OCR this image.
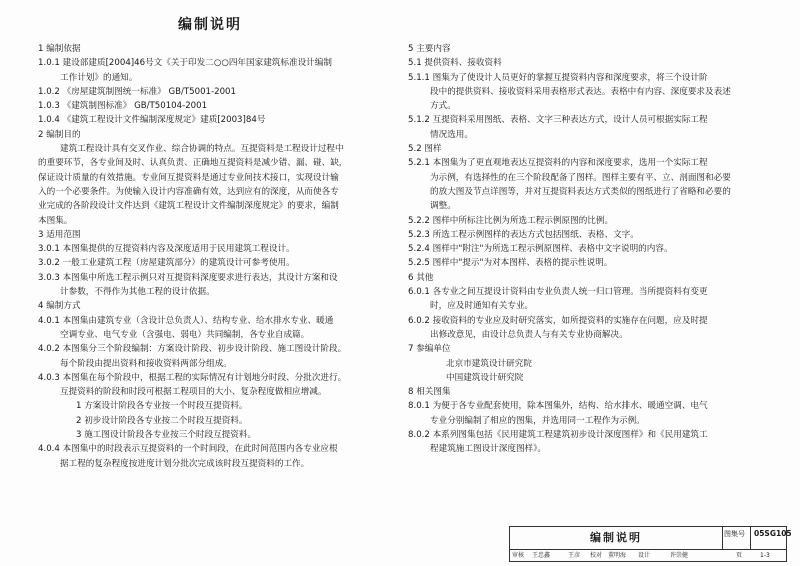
编制说明
1 编制依据
1.0.1 建设部建质[2004]46号文《关于印发二○○四年国家建筑标准设计编制
工作计划》的通知。
1.0.2 《房屋建筑制图统一标准》 GB/T5001-2001
1.0.3 《建筑制图标准》 GB/T50104-2001
1.0.4 《建筑工程设计文件编制深度规定》建质[2003]84号
2 编制目的
建筑工程设计具有交叉作业、综合协调的特点。互提资料是工程设计过程中
的重要环节，各专业间及时、认真负责、正确地互提资料是减少错、漏、碰、缺，
保证设计质量的有效措施。专业间互提资料是通过专业间技术接口，实现设计输
入的一个必要条件。为使输入设计内容准确有效，达到应有的深度，从而使各专
业完成的各阶段设计文件达到《建筑工程设计文件编制深度规定》的要求，编制
本图集。
3 适用范围
3.0.1 本图集提供的互提资料内容及深度适用于民用建筑工程设计。
3.0.2 一般工业建筑工程（房屋建筑部分）的建筑设计可参考使用。
3.0.3 本图集中所选工程示例只对互提资料深度要求进行表达，其设计方案和设
计参数，不得作为其他工程的设计依据。
4 编制方式
4.0.1 本图集由建筑专业（含设计总负责人）、结构专业、给水排水专业、暖通
空调专业、电气专业（含强电、弱电）共同编制，各专业自成篇。
4.0.2 本图集分三个阶段编制：方案设计阶段、初步设计阶段、施工图设计阶段。
每个阶段由提出资料和接收资料两部分组成。
4.0.3 本图集在每个阶段中，根据工程的实际情况有计划地分时段、分批次进行。
互提资料的阶段和时段可根据工程项目的大小、复杂程度做相应增减。
1 方案设计阶段各专业按一个时段互提资料。
2 初步设计阶段各专业按二个时段互提资料。
3 施工图设计阶段各专业按三个时段互提资料。
4.0.4 本图集中的时段表示互提资料的一个时间段，在此时间范围内各专业应根
据工程的复杂程度按进度计划分批次完成该时段互提资料的工作。
5 主要内容
5.1 提供资料、接收资料
5.1.1 图集为了使设计人员更好的掌握互提资料内容和深度要求，将三个设计阶
段中的提供资料、接收资料采用表格形式表达。表格中有内容、深度要求及表述
方式。
5.1.2 互提资料采用图纸、表格、文字三种表达方式，设计人员可根据实际工程
情况选用。
5.2 图样
5.2.1 本图集为了更直观地表达互提资料的内容和深度要求，选用一个实际工程
为示例，有选择性的在三个阶段配备了图样。图样主要有平、立、剖面图和必要
的放大图及节点详图等，并对互提资料表达方式类似的图纸进行了省略和必要的
调整。
5.2.2 图样中所标注比例为所选工程示例原图的比例。
5.2.3 所选工程示例图样的表达方式包括图纸、表格、文字。
5.2.4 图样中"附注"为所选工程示例原图样、表格中文字说明的内容。
5.2.5 图样中"提示"为对本图样、表格的提示性说明。
6 其他
6.0.1 各专业之间互提设计资料由专业负责人统一归口管理。当所提资料有变更
时，应及时通知有关专业。
6.0.2 接收资料的专业应及时研究落实，如所提资料的实施存在问题，应及时提
出修改意见，由设计总负责人与有关专业协商解决。
7 参编单位
北京市建筑设计研究院
中国建筑设计研究院
8 相关图集
8.0.1 为便于各专业配套使用，除本图集外，结构、给水排水、暖通空调、电气
专业分别编制了相应的图集，并选用同一工程作为示例。
8.0.2 本系列图集包括《民用建筑工程建筑初步设计深度图样》和《民用建筑工
程建筑施工图设计深度图样》。
编制说明	图集号 05SG105
审核 王忠鑫	王彦 校对 董明海 设计	许崇健	页	1-3
